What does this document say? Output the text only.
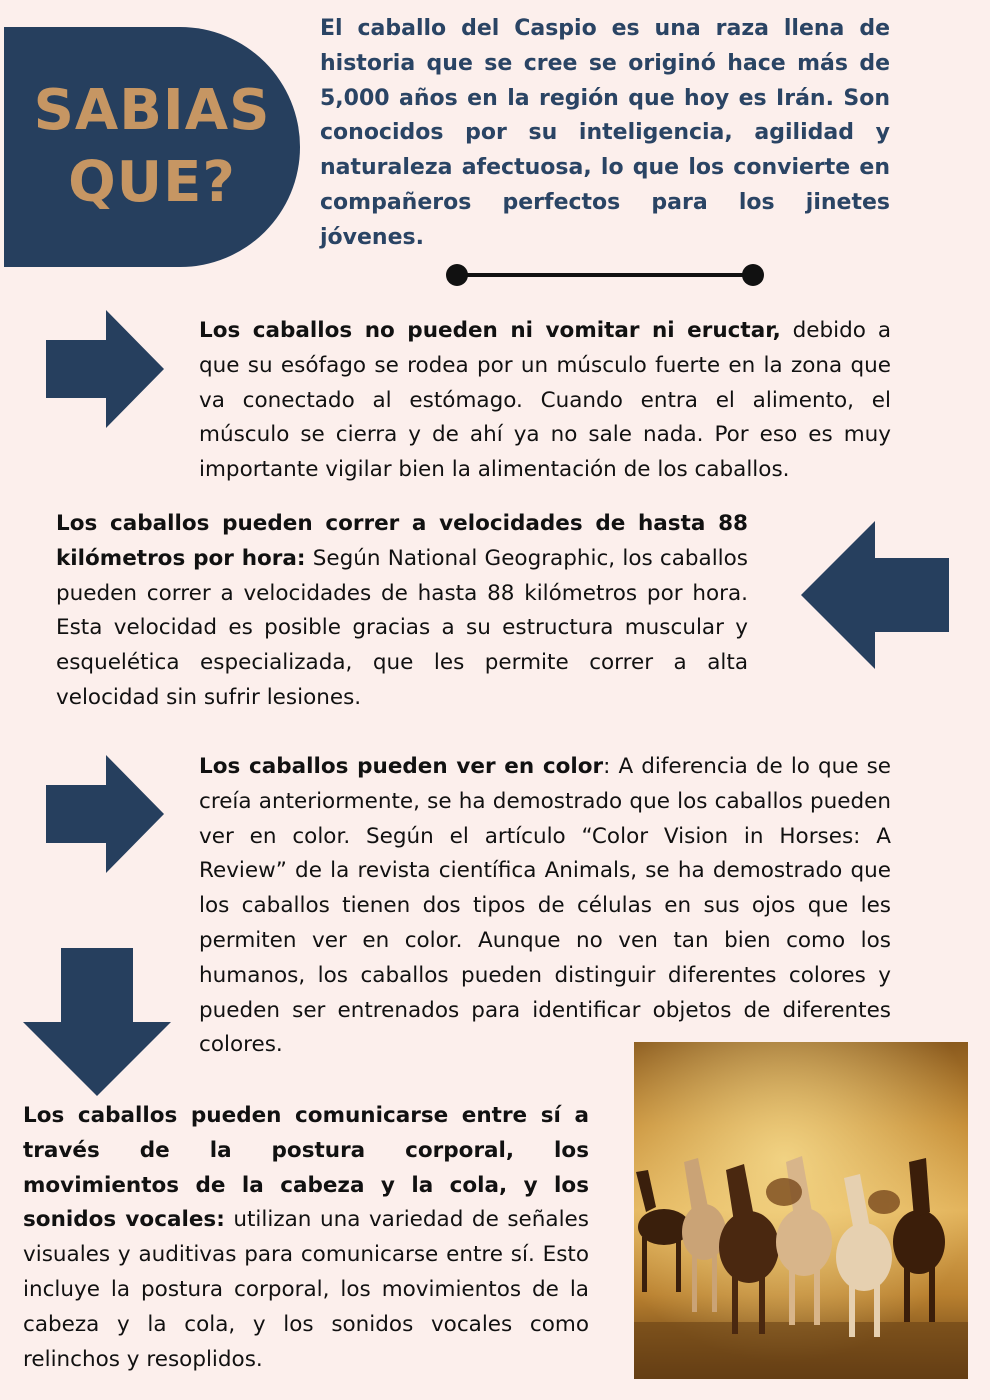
SABIAS
QUE?

El caballo del Caspio es una raza llena de historia que se cree se originó hace más de 5,000 años en la región que hoy es Irán. Son conocidos por su inteligencia, agilidad y naturaleza afectuosa, lo que los convierte en compañeros perfectos para los jinetes jóvenes.

Los caballos no pueden ni vomitar ni eructar, debido a que su esófago se rodea por un músculo fuerte en la zona que va conectado al estómago. Cuando entra el alimento, el músculo se cierra y de ahí ya no sale nada. Por eso es muy importante vigilar bien la alimentación de los caballos.

Los caballos pueden correr a velocidades de hasta 88 kilómetros por hora: Según National Geographic, los caballos pueden correr a velocidades de hasta 88 kilómetros por hora. Esta velocidad es posible gracias a su estructura muscular y esquelética especializada, que les permite correr a alta velocidad sin sufrir lesiones.

Los caballos pueden ver en color: A diferencia de lo que se creía anteriormente, se ha demostrado que los caballos pueden ver en color. Según el artículo “Color Vision in Horses: A Review” de la revista científica Animals, se ha demostrado que los caballos tienen dos tipos de células en sus ojos que les permiten ver en color. Aunque no ven tan bien como los humanos, los caballos pueden distinguir diferentes colores y pueden ser entrenados para identificar objetos de diferentes colores.

Los caballos pueden comunicarse entre sí a través de la postura corporal, los movimientos de la cabeza y la cola, y los sonidos vocales: utilizan una variedad de señales visuales y auditivas para comunicarse entre sí. Esto incluye la postura corporal, los movimientos de la cabeza y la cola, y los sonidos vocales como relinchos y resoplidos.
